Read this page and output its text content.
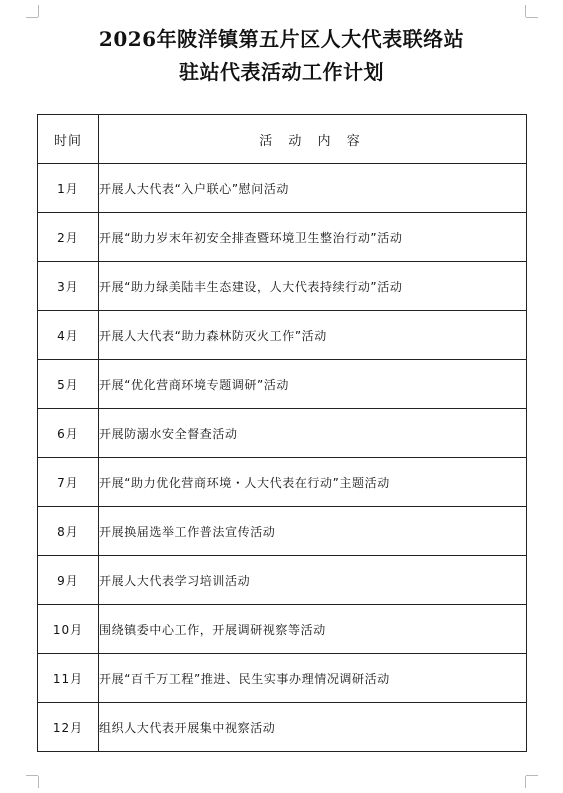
2026年陂洋镇第五片区人大代表联络站
驻站代表活动工作计划
时间	活 动 内 容
1月	开展人大代表“入户联心”慰问活动
2月	开展“助力岁末年初安全排查暨环境卫生整治行动”活动
3月	开展“助力绿美陆丰生态建设，人大代表持续行动”活动
4月	开展人大代表“助力森林防灭火工作”活动
5月	开展“优化营商环境专题调研”活动
6月	开展防溺水安全督查活动
7月	开展“助力优化营商环境・人大代表在行动”主题活动
8月	开展换届选举工作普法宣传活动
9月	开展人大代表学习培训活动
10月	围绕镇委中心工作，开展调研视察等活动
11月	开展“百千万工程”推进、民生实事办理情况调研活动
12月	组织人大代表开展集中视察活动
